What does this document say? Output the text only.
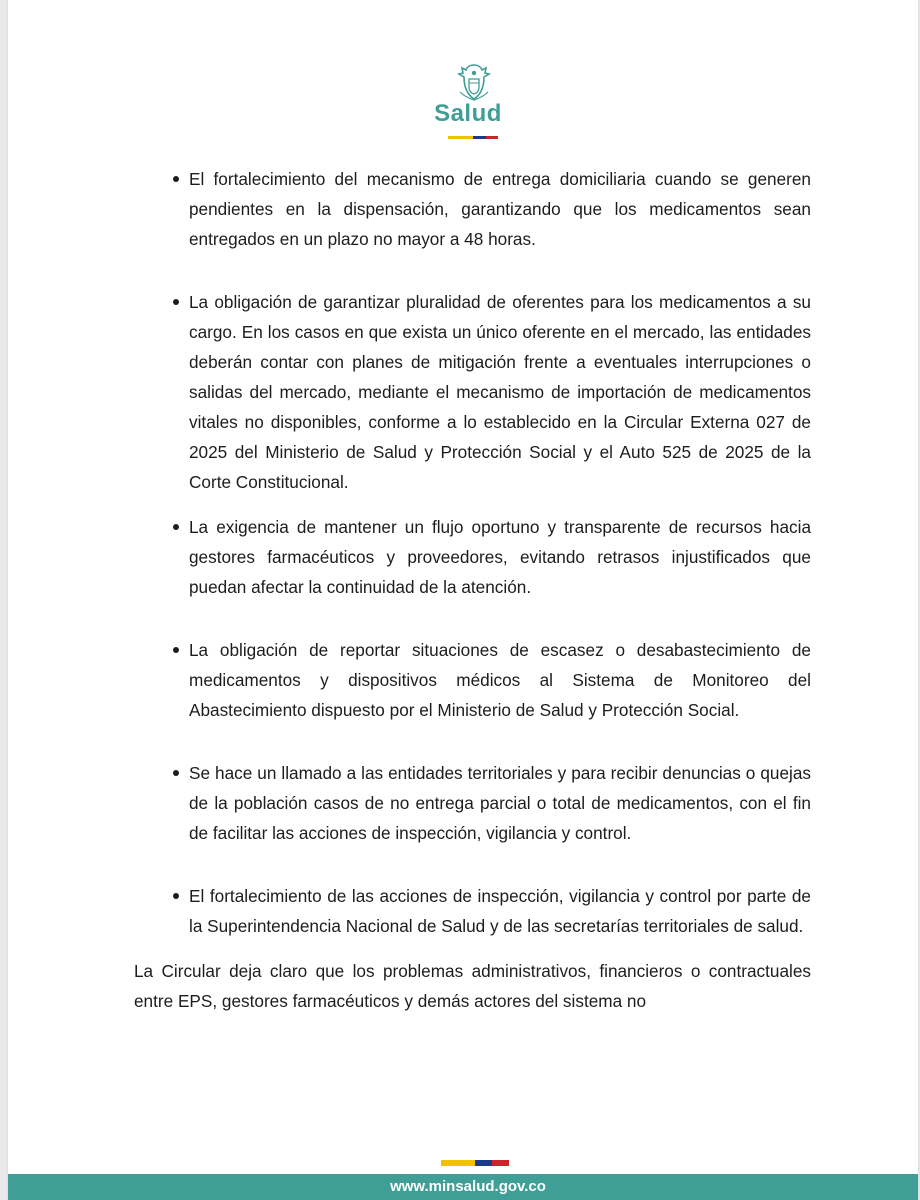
Salud
El fortalecimiento del mecanismo de entrega domiciliaria cuando se generen pendientes en la dispensación, garantizando que los medicamentos sean entregados en un plazo no mayor a 48 horas.
La obligación de garantizar pluralidad de oferentes para los medicamentos a su cargo. En los casos en que exista un único oferente en el mercado, las entidades deberán contar con planes de mitigación frente a eventuales interrupciones o salidas del mercado, mediante el mecanismo de importación de medicamentos vitales no disponibles, conforme a lo establecido en la Circular Externa 027 de 2025 del Ministerio de Salud y Protección Social y el Auto 525 de 2025 de la Corte Constitucional.
La exigencia de mantener un flujo oportuno y transparente de recursos hacia gestores farmacéuticos y proveedores, evitando retrasos injustificados que puedan afectar la continuidad de la atención.
La obligación de reportar situaciones de escasez o desabastecimiento de medicamentos y dispositivos médicos al Sistema de Monitoreo del Abastecimiento dispuesto por el Ministerio de Salud y Protección Social.
Se hace un llamado a las entidades territoriales y para recibir denuncias o quejas de la población casos de no entrega parcial o total de medicamentos, con el fin de facilitar las acciones de inspección, vigilancia y control.
El fortalecimiento de las acciones de inspección, vigilancia y control por parte de la Superintendencia Nacional de Salud y de las secretarías territoriales de salud.
La Circular deja claro que los problemas administrativos, financieros o contractuales entre EPS, gestores farmacéuticos y demás actores del sistema no
www.minsalud.gov.co
